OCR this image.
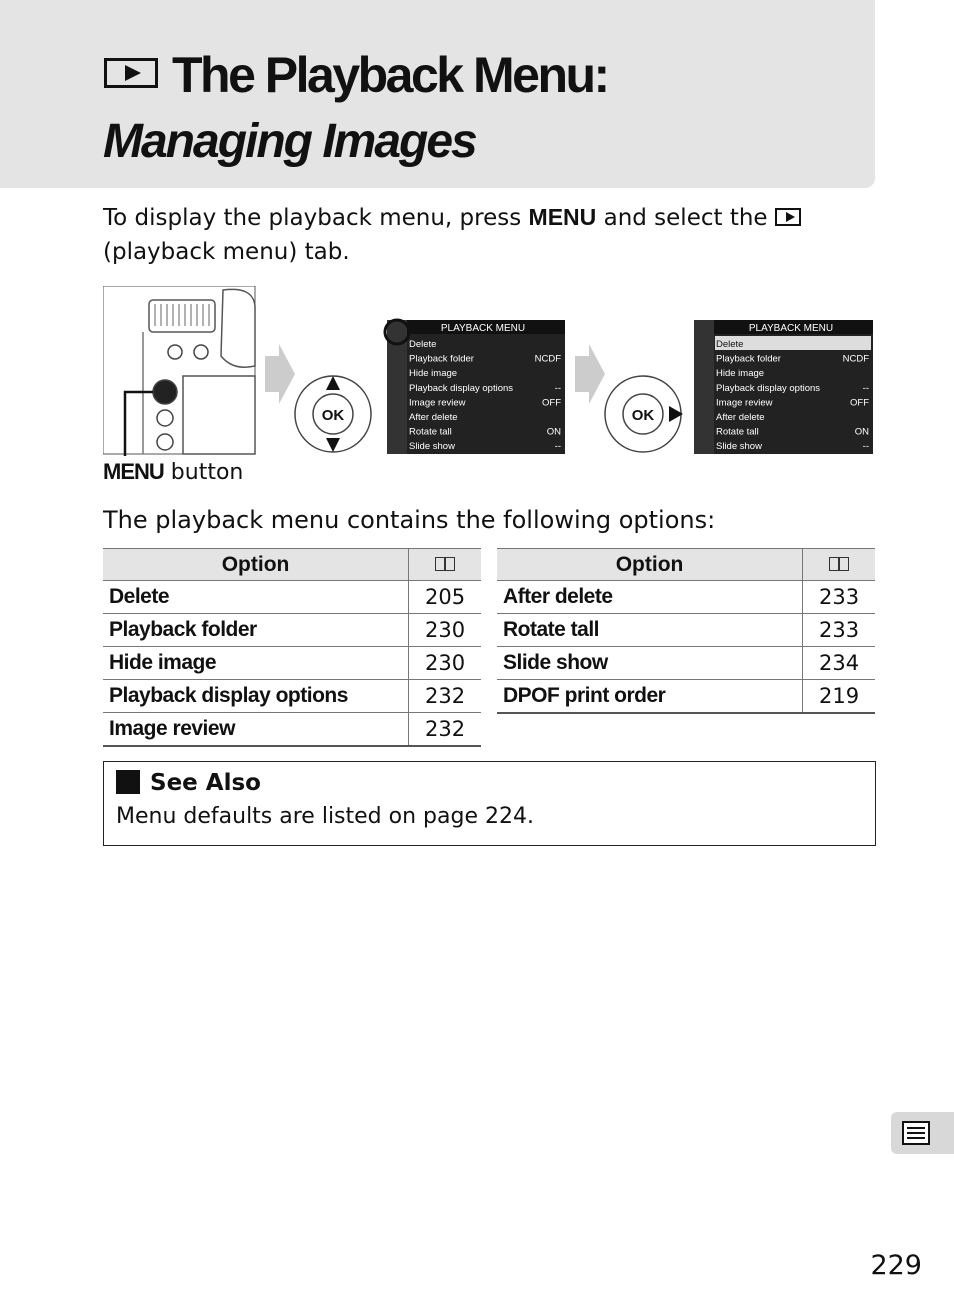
The Playback Menu:
Managing Images
To display the playback menu, press MENU and select the
(playback menu) tab.
OK
PLAYBACK MENU
OK
PLAYBACK MENU
Delete
Playback folder	NCDF
Hide image
Playback display options	--
Image review	OFF
After delete
Rotate tall	ON
Slide show	--
Delete
Playback folder	NCDF
Hide image
Playback display options	--
Image review	OFF
After delete
Rotate tall	ON
Slide show	--
MENU button
The playback menu contains the following options:
Option	
Delete	205
Playback folder	230
Hide image	230
Playback display options	232
Image review	232
Option	
After delete	233
Rotate tall	233
Slide show	234
DPOF print order	219
See Also
Menu defaults are listed on page 224.
229
